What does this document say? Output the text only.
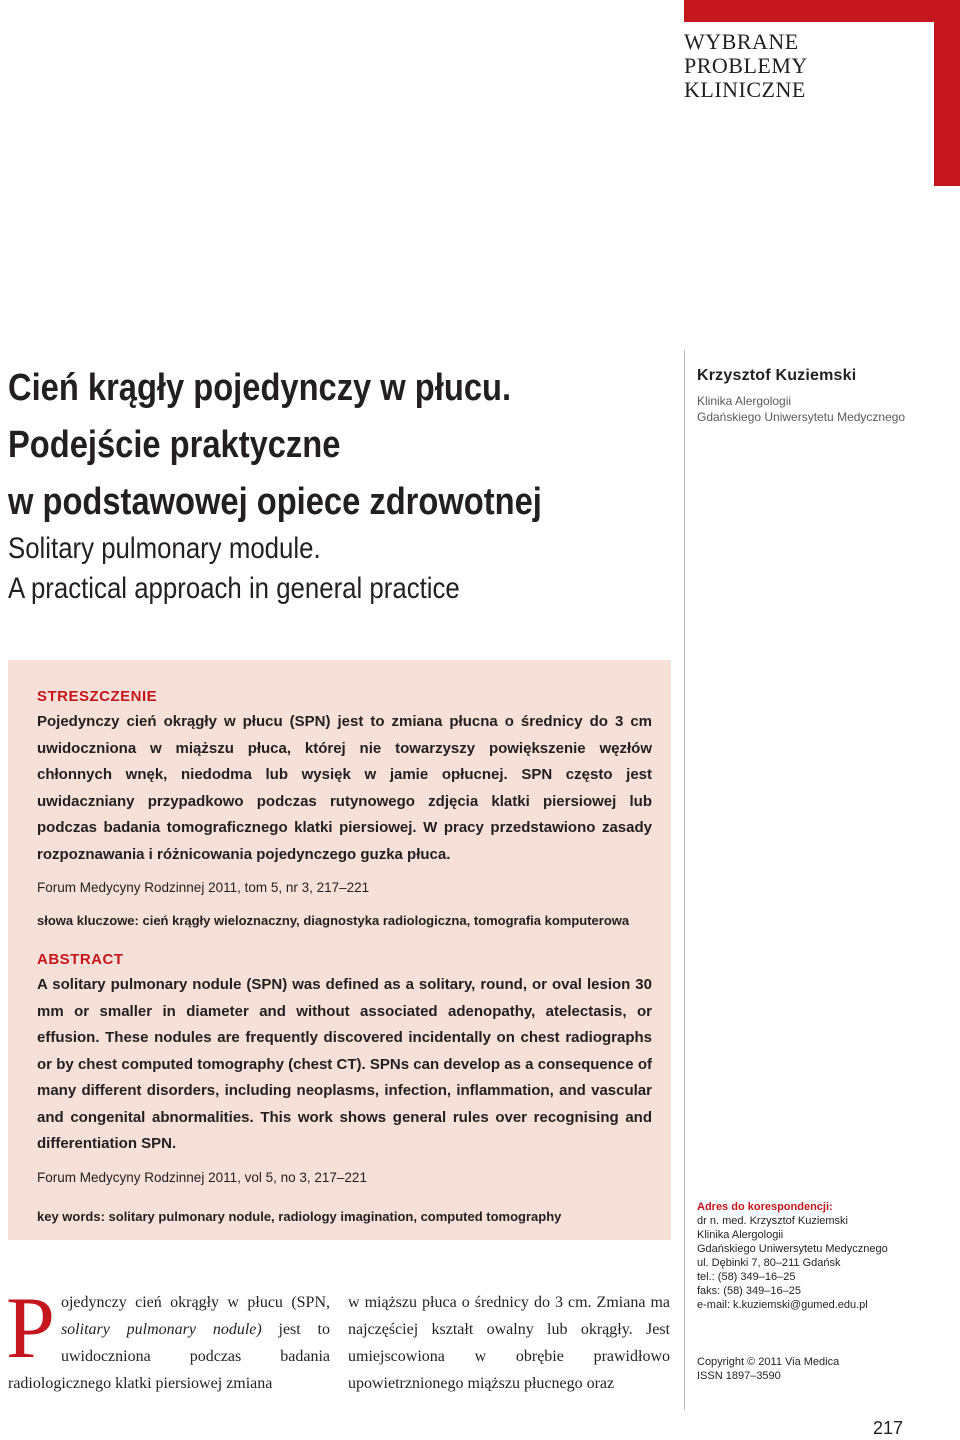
WYBRANE
PROBLEMY
KLINICZNE
Cień krągły pojedynczy w płucu.
Podejście praktyczne
w podstawowej opiece zdrowotnej
Solitary pulmonary module.
A practical approach in general practice
Krzysztof Kuziemski
Klinika Alergologii
Gdańskiego Uniwersytetu Medycznego
STRESZCZENIE
Pojedynczy cień okrągły w płucu (SPN) jest to zmiana płucna o średnicy do 3 cm uwidoczniona w miąższu płuca, której nie towarzyszy powiększenie węzłów chłonnych wnęk, niedodma lub wysięk w jamie opłucnej. SPN często jest uwidaczniany przypadkowo podczas rutynowego zdjęcia klatki piersiowej lub podczas badania tomograficznego klatki piersiowej. W pracy przedstawiono zasady rozpoznawania i różnicowania pojedynczego guzka płuca.
Forum Medycyny Rodzinnej 2011, tom 5, nr 3, 217–221
słowa kluczowe: cień krągły wieloznaczny, diagnostyka radiologiczna, tomografia komputerowa
ABSTRACT
A solitary pulmonary nodule (SPN) was defined as a solitary, round, or oval lesion 30 mm or smaller in diameter and without associated adenopathy, atelectasis, or effusion. These nodules are frequently discovered incidentally on chest radiographs or by chest computed tomography (chest CT). SPNs can develop as a consequence of many different disorders, including neoplasms, infection, inflammation, and vascular and congenital abnormalities. This work shows general rules over recognising and differentiation SPN.
Forum Medycyny Rodzinnej 2011, vol 5, no 3, 217–221
key words: solitary pulmonary nodule, radiology imagination, computed tomography
Pojedynczy cień okrągły w płucu (SPN, solitary pulmonary nodule) jest to uwidoczniona podczas badania radiologicznego klatki piersiowej zmiana
w miąższu płuca o średnicy do 3 cm. Zmiana ma najczęściej kształt owalny lub okrągły. Jest umiejscowiona w obrębie prawidłowo upowietrznionego miąższu płucnego oraz
Adres do korespondencji:
dr n. med. Krzysztof Kuziemski
Klinika Alergologii
Gdańskiego Uniwersytetu Medycznego
ul. Dębinki 7, 80–211 Gdańsk
tel.: (58) 349–16–25
faks: (58) 349–16–25
e-mail: k.kuziemski@gumed.edu.pl
Copyright © 2011 Via Medica
ISSN 1897–3590
217
